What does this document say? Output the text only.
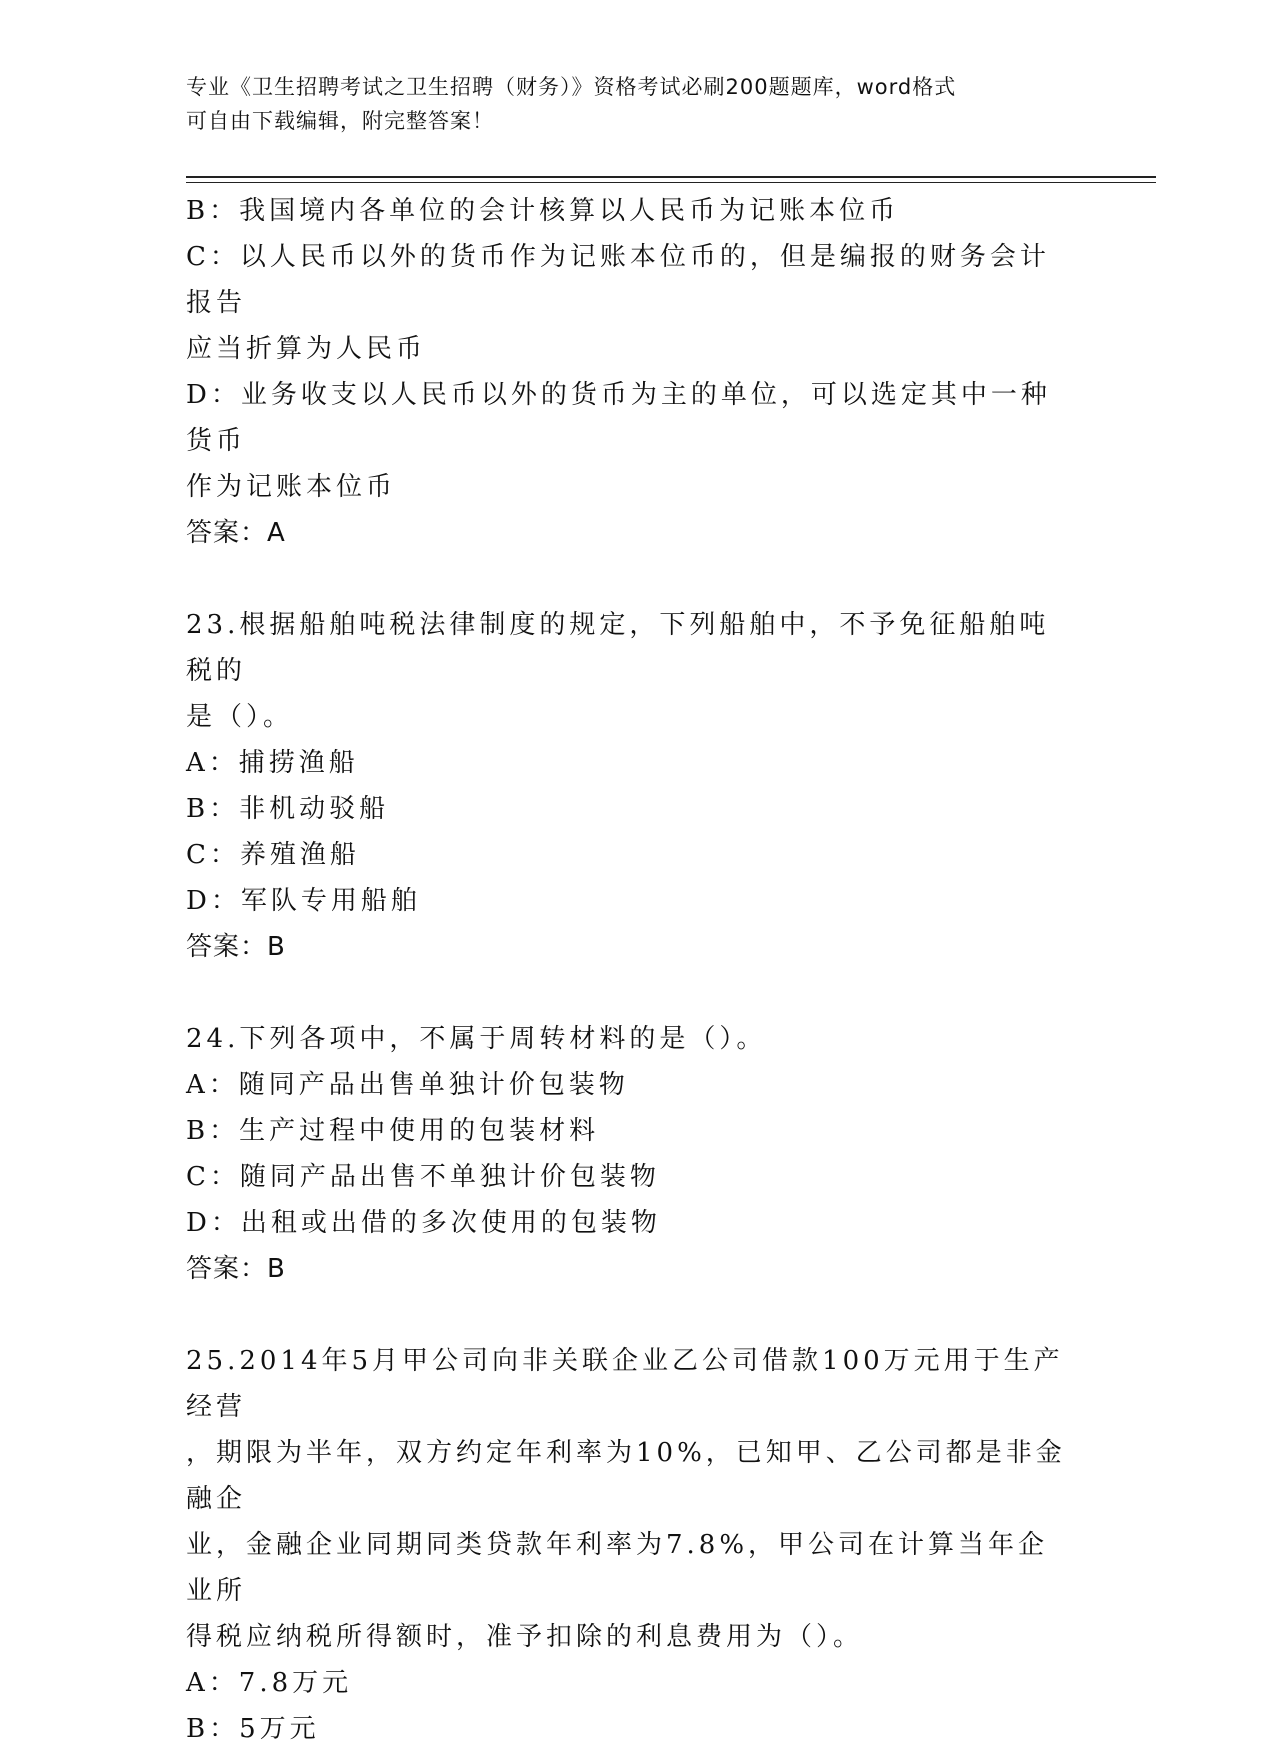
专业《卫生招聘考试之卫生招聘（财务）》资格考试必刷200题题库，word格式
可自由下载编辑，附完整答案！
B：我国境内各单位的会计核算以人民币为记账本位币
C：以人民币以外的货币作为记账本位币的，但是编报的财务会计报告
应当折算为人民币
D：业务收支以人民币以外的货币为主的单位，可以选定其中一种货币
作为记账本位币
答案：A
23.根据船舶吨税法律制度的规定，下列船舶中，不予免征船舶吨税的
是（）。
A：捕捞渔船
B：非机动驳船
C：养殖渔船
D：军队专用船舶
答案：B
24.下列各项中，不属于周转材料的是（）。
A：随同产品出售单独计价包装物
B：生产过程中使用的包装材料
C：随同产品出售不单独计价包装物
D：出租或出借的多次使用的包装物
答案：B
25.2014年5月甲公司向非关联企业乙公司借款100万元用于生产经营
，期限为半年，双方约定年利率为10%，已知甲、乙公司都是非金融企
业，金融企业同期同类贷款年利率为7.8%，甲公司在计算当年企业所
得税应纳税所得额时，准予扣除的利息费用为（）。
A：7.8万元
B：5万元
